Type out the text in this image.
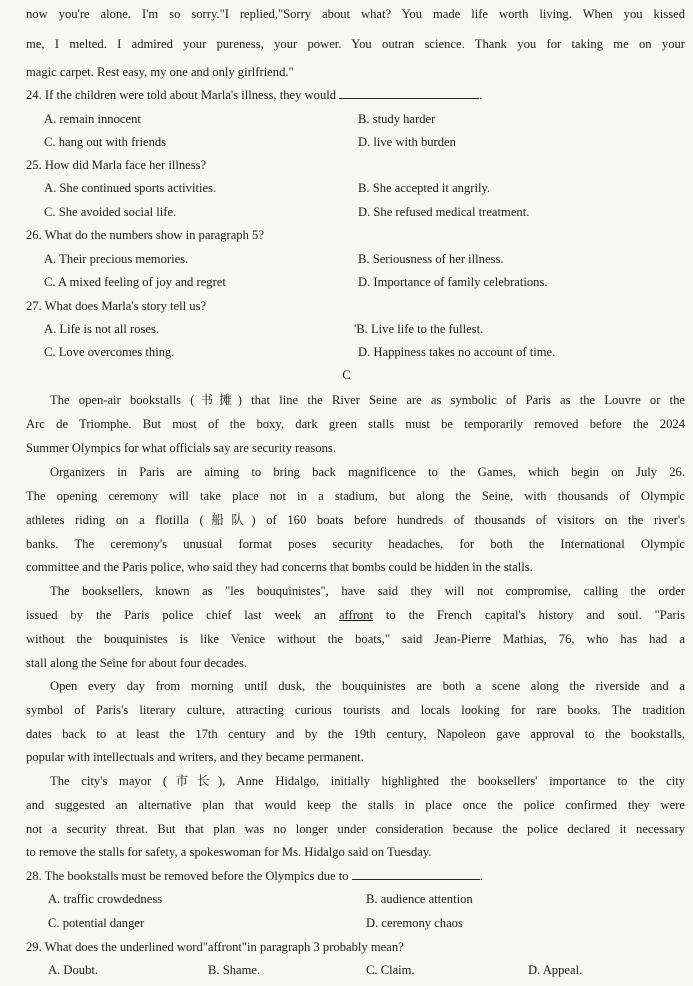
now you're alone. I'm so sorry."I replied,"Sorry about what? You made life worth living. When you kissed
me, I melted. I admired your pureness, your power. You outran science. Thank you for taking me on your
magic carpet. Rest easy, my one and only girlfriend."
24. If the children were told about Marla's illness, they would	.
A. remain innocent	B. study harder
C. hang out with friends	D. live with burden
25. How did Marla face her illness?
A. She continued sports activities.	B. She accepted it angrily.
C. She avoided social life.	D. She refused medical treatment.
26. What do the numbers show in paragraph 5?
A. Their precious memories.	B. Seriousness of her illness.
C. A mixed feeling of joy and regret	D. Importance of family celebrations.
27. What does Marla's story tell us?
A. Life is not all roses.	'B. Live life to the fullest.
C. Love overcomes thing.	D. Happiness takes no account of time.
C
The open-air bookstalls (书摊) that line the River Seine are as symbolic of Paris as the Louvre or the
Arc de Triomphe. But most of the boxy, dark green stalls must be temporarily removed before the 2024
Summer Olympics for what officials say are security reasons.
Organizers in Paris are aiming to bring back magnificence to the Games, which begin on July 26.
The opening ceremony will take place not in a stadium, but along the Seine, with thousands of Olympic
athletes riding on a flotilla (船队) of 160 boats before hundreds of thousands of visitors on the river's
banks. The ceremony's unusual format poses security headaches, for both the International Olympic
committee and the Paris police, who said they had concerns that bombs could be hidden in the stalls.
The booksellers, known as "les bouquinistes", have said they will not compromise, calling the order
issued by the Paris police chief last week an affront to the French capital's history and soul. "Paris
without the bouquinistes is like Venice without the boats," said Jean-Pierre Mathias, 76, who has had a
stall along the Seine for about four decades.
Open every day from morning until dusk, the bouquinistes are both a scene along the riverside and a
symbol of Paris's literary culture, attracting curious tourists and locals looking for rare books. The tradition
dates back to at least the 17th century and by the 19th century, Napoleon gave approval to the bookstalls,
popular with intellectuals and writers, and they became permanent.
The city's mayor (市长), Anne Hidalgo, initially highlighted the booksellers' importance to the city
and suggested an alternative plan that would keep the stalls in place once the police confirmed they were
not a security threat. But that plan was no longer under consideration because the police declared it necessary
to remove the stalls for safety, a spokeswoman for Ms. Hidalgo said on Tuesday.
28. The bookstalls must be removed before the Olympics due to	.
A. traffic crowdedness	B. audience attention
C. potential danger	D. ceremony chaos
29. What does the underlined word"affront"in paragraph 3 probably mean?
A. Doubt.	B. Shame.	C. Claim.	D. Appeal.
